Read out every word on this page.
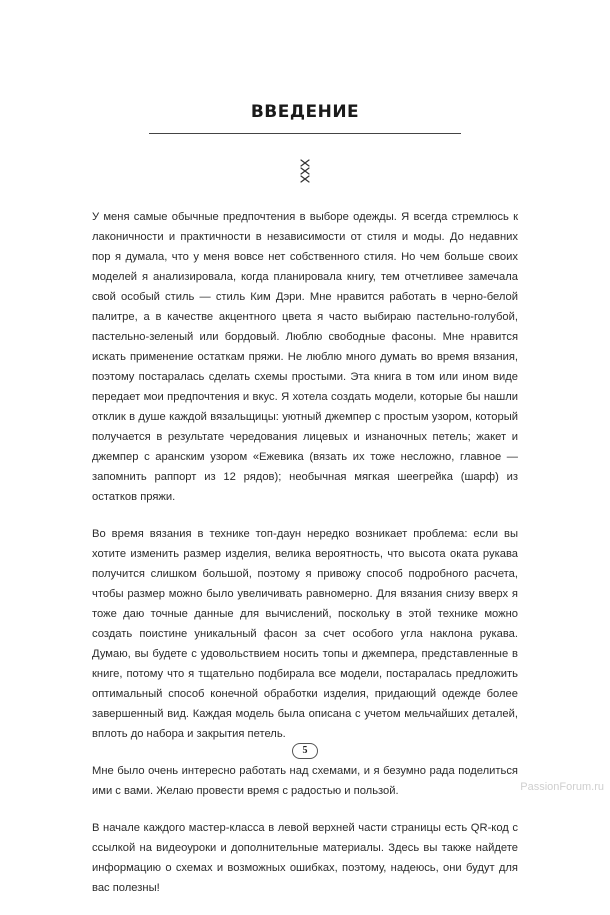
ВВЕДЕНИЕ

У меня самые обычные предпочтения в выборе одежды. Я всегда стремлюсь к лаконичности и практичности в независимости от стиля и моды. До недавних пор я думала, что у меня вовсе нет собственного стиля. Но чем больше своих моделей я анализировала, когда планировала книгу, тем отчетливее замечала свой особый стиль — стиль Ким Дэри. Мне нравится работать в черно-белой палитре, а в качестве акцентного цвета я часто выбираю пастельно-голубой, пастельно-зеленый или бордовый. Люблю свободные фасоны. Мне нравится искать применение остаткам пряжи. Не люблю много думать во время вязания, поэтому постаралась сделать схемы простыми. Эта книга в том или ином виде передает мои предпочтения и вкус. Я хотела создать модели, которые бы нашли отклик в душе каждой вязальщицы: уютный джемпер с простым узором, который получается в результате чередования лицевых и изнаночных петель; жакет и джемпер с аранским узором «Ежевика (вязать их тоже несложно, главное — запомнить раппорт из 12 рядов); необычная мягкая шеегрейка (шарф) из остатков пряжи.

Во время вязания в технике топ-даун нередко возникает проблема: если вы хотите изменить размер изделия, велика вероятность, что высота оката рукава получится слишком большой, поэтому я привожу способ подробного расчета, чтобы размер можно было увеличивать равномерно. Для вязания снизу вверх я тоже даю точные данные для вычислений, поскольку в этой технике можно создать поистине уникальный фасон за счет особого угла наклона рукава. Думаю, вы будете с удовольствием носить топы и джемпера, представленные в книге, потому что я тщательно подбирала все модели, постаралась предложить оптимальный способ конечной обработки изделия, придающий одежде более завершенный вид. Каждая модель была описана с учетом мельчайших деталей, вплоть до набора и закрытия петель.

Мне было очень интересно работать над схемами, и я безумно рада поделиться ими с вами. Желаю провести время с радостью и пользой.

В начале каждого мастер-класса в левой верхней части страницы есть QR-код с ссылкой на видеоуроки и дополнительные материалы. Здесь вы также найдете информацию о схемах и возможных ошибках, поэтому, надеюсь, они будут для вас полезны!

5
PassionForum.ru
